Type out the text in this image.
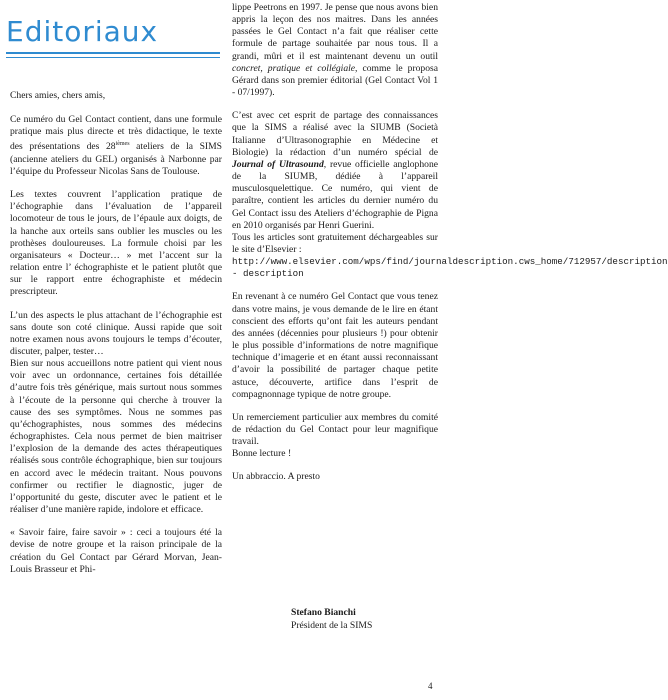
Editoriaux

Chers amies, chers amis,

Ce numéro du Gel Contact contient, dans une formule pratique mais plus directe et très didactique, le texte des présentations des $28^{ièmes}$ ateliers de la SIMS (ancienne ateliers du GEL) organisés à Narbonne par l’équipe du Professeur Nicolas Sans de Toulouse.

Les textes couvrent l’application pratique de l’échographie dans l’évaluation de l’appareil locomoteur de tous le jours, de l’épaule aux doigts, de la hanche aux orteils sans oublier les muscles ou les prothèses douloureuses. La formule choisi par les organisateurs « Docteur… » met l’accent sur la relation entre l’ échographiste et le patient plutôt que sur le rapport entre échographiste et médecin prescripteur.

L’un des aspects le plus attachant de l’échographie est sans doute son coté clinique. Aussi rapide que soit notre examen nous avons toujours le temps d’écouter, discuter, palper, tester…

Bien sur nous accueillons notre patient qui vient nous voir avec un ordonnance, certaines fois détaillée d’autre fois très générique, mais surtout nous sommes à l’écoute de la personne qui cherche à trouver la cause des ses symptômes. Nous ne sommes pas qu’échographistes, nous sommes des médecins échographistes. Cela nous permet de bien maitriser l’explosion de la demande des actes thérapeutiques réalisés sous contrôle échographique, bien sur toujours en accord avec le médecin traitant. Nous pouvons confirmer ou rectifier le diagnostic, juger de l’opportunité du geste, discuter avec le patient et le réaliser d’une manière rapide, indolore et efficace.

« Savoir faire, faire savoir » : ceci a toujours été la devise de notre groupe et la raison principale de la création du Gel Contact par Gérard Morvan, Jean-Louis Brasseur et Phi-

lippe Peetrons en 1997. Je pense que nous avons bien appris la leçon des nos maitres. Dans les années passées le Gel Contact n’a fait que réaliser cette formule de partage souhaitée par nous tous. Il a grandi, mûri et il est maintenant devenu un outil concret, pratique et collégiale, comme le proposa Gérard dans son premier éditorial (Gel Contact Vol 1 - 07/1997).

C’est avec cet esprit de partage des connaissances que la SIMS a réalisé avec la SIUMB (Società Italianne d’Ultrasonographie en Médecine et Biologie) la rédaction d’un numéro spécial de Journal of Ultrasound, revue officielle anglophone de la SIUMB, dédiée à l’appareil musculosquelettique. Ce numéro, qui vient de paraître, contient les articles du dernier numéro du Gel Contact issu des Ateliers d’échographie de Pigna en 2010 organisés par Henri Guerini.

Tous les articles sont gratuitement déchargeables sur le site d’Elsevier :
http://www.elsevier.com/wps/find/journaldescription.cws_home/712957/description - description

En revenant à ce numéro Gel Contact que vous tenez dans votre mains, je vous demande de le lire en étant conscient des efforts qu’ont fait les auteurs pendant des années (décennies pour plusieurs !) pour obtenir le plus possible d’informations de notre magnifique technique d’imagerie et en étant aussi reconnaissant d’avoir la possibilité de partager chaque petite astuce, découverte, artifice dans l’esprit de compagnonnage typique de notre groupe.

Un remerciement particulier aux membres du comité de rédaction du Gel Contact pour leur magnifique travail.

Bonne lecture !

Un abbraccio. A presto

Stefano Bianchi
Président de la SIMS
4
